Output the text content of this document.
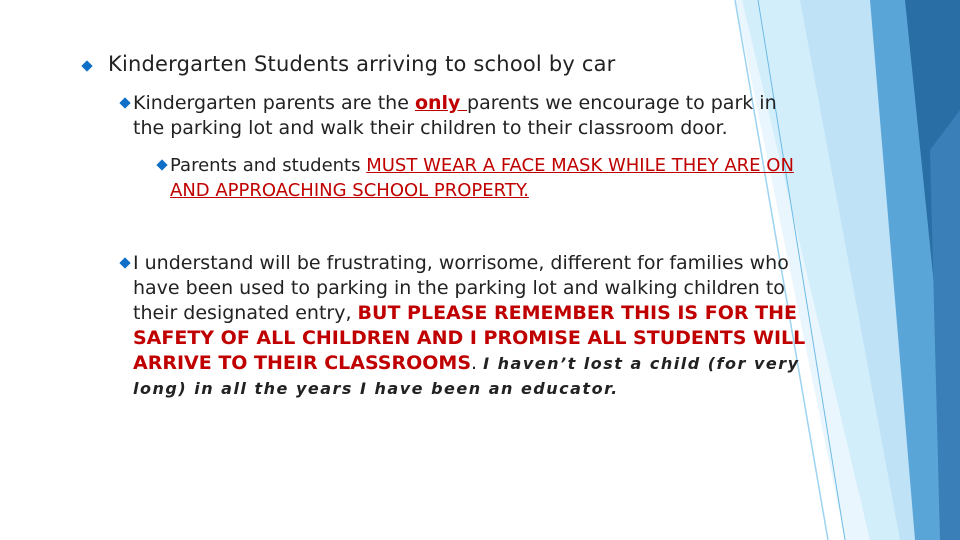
Kindergarten Students arriving to school by car
Kindergarten parents are the only parents we encourage to park in the parking lot and walk their children to their classroom door.
Parents and students MUST WEAR A FACE MASK WHILE THEY ARE ON AND APPROACHING SCHOOL PROPERTY.
I understand will be frustrating, worrisome, different for families who have been used to parking in the parking lot and walking children to their designated entry, BUT PLEASE REMEMBER THIS IS FOR THE SAFETY OF ALL CHILDREN AND I PROMISE ALL STUDENTS WILL ARRIVE TO THEIR CLASSROOMS. I haven’t lost a child (for very long) in all the years I have been an educator.
